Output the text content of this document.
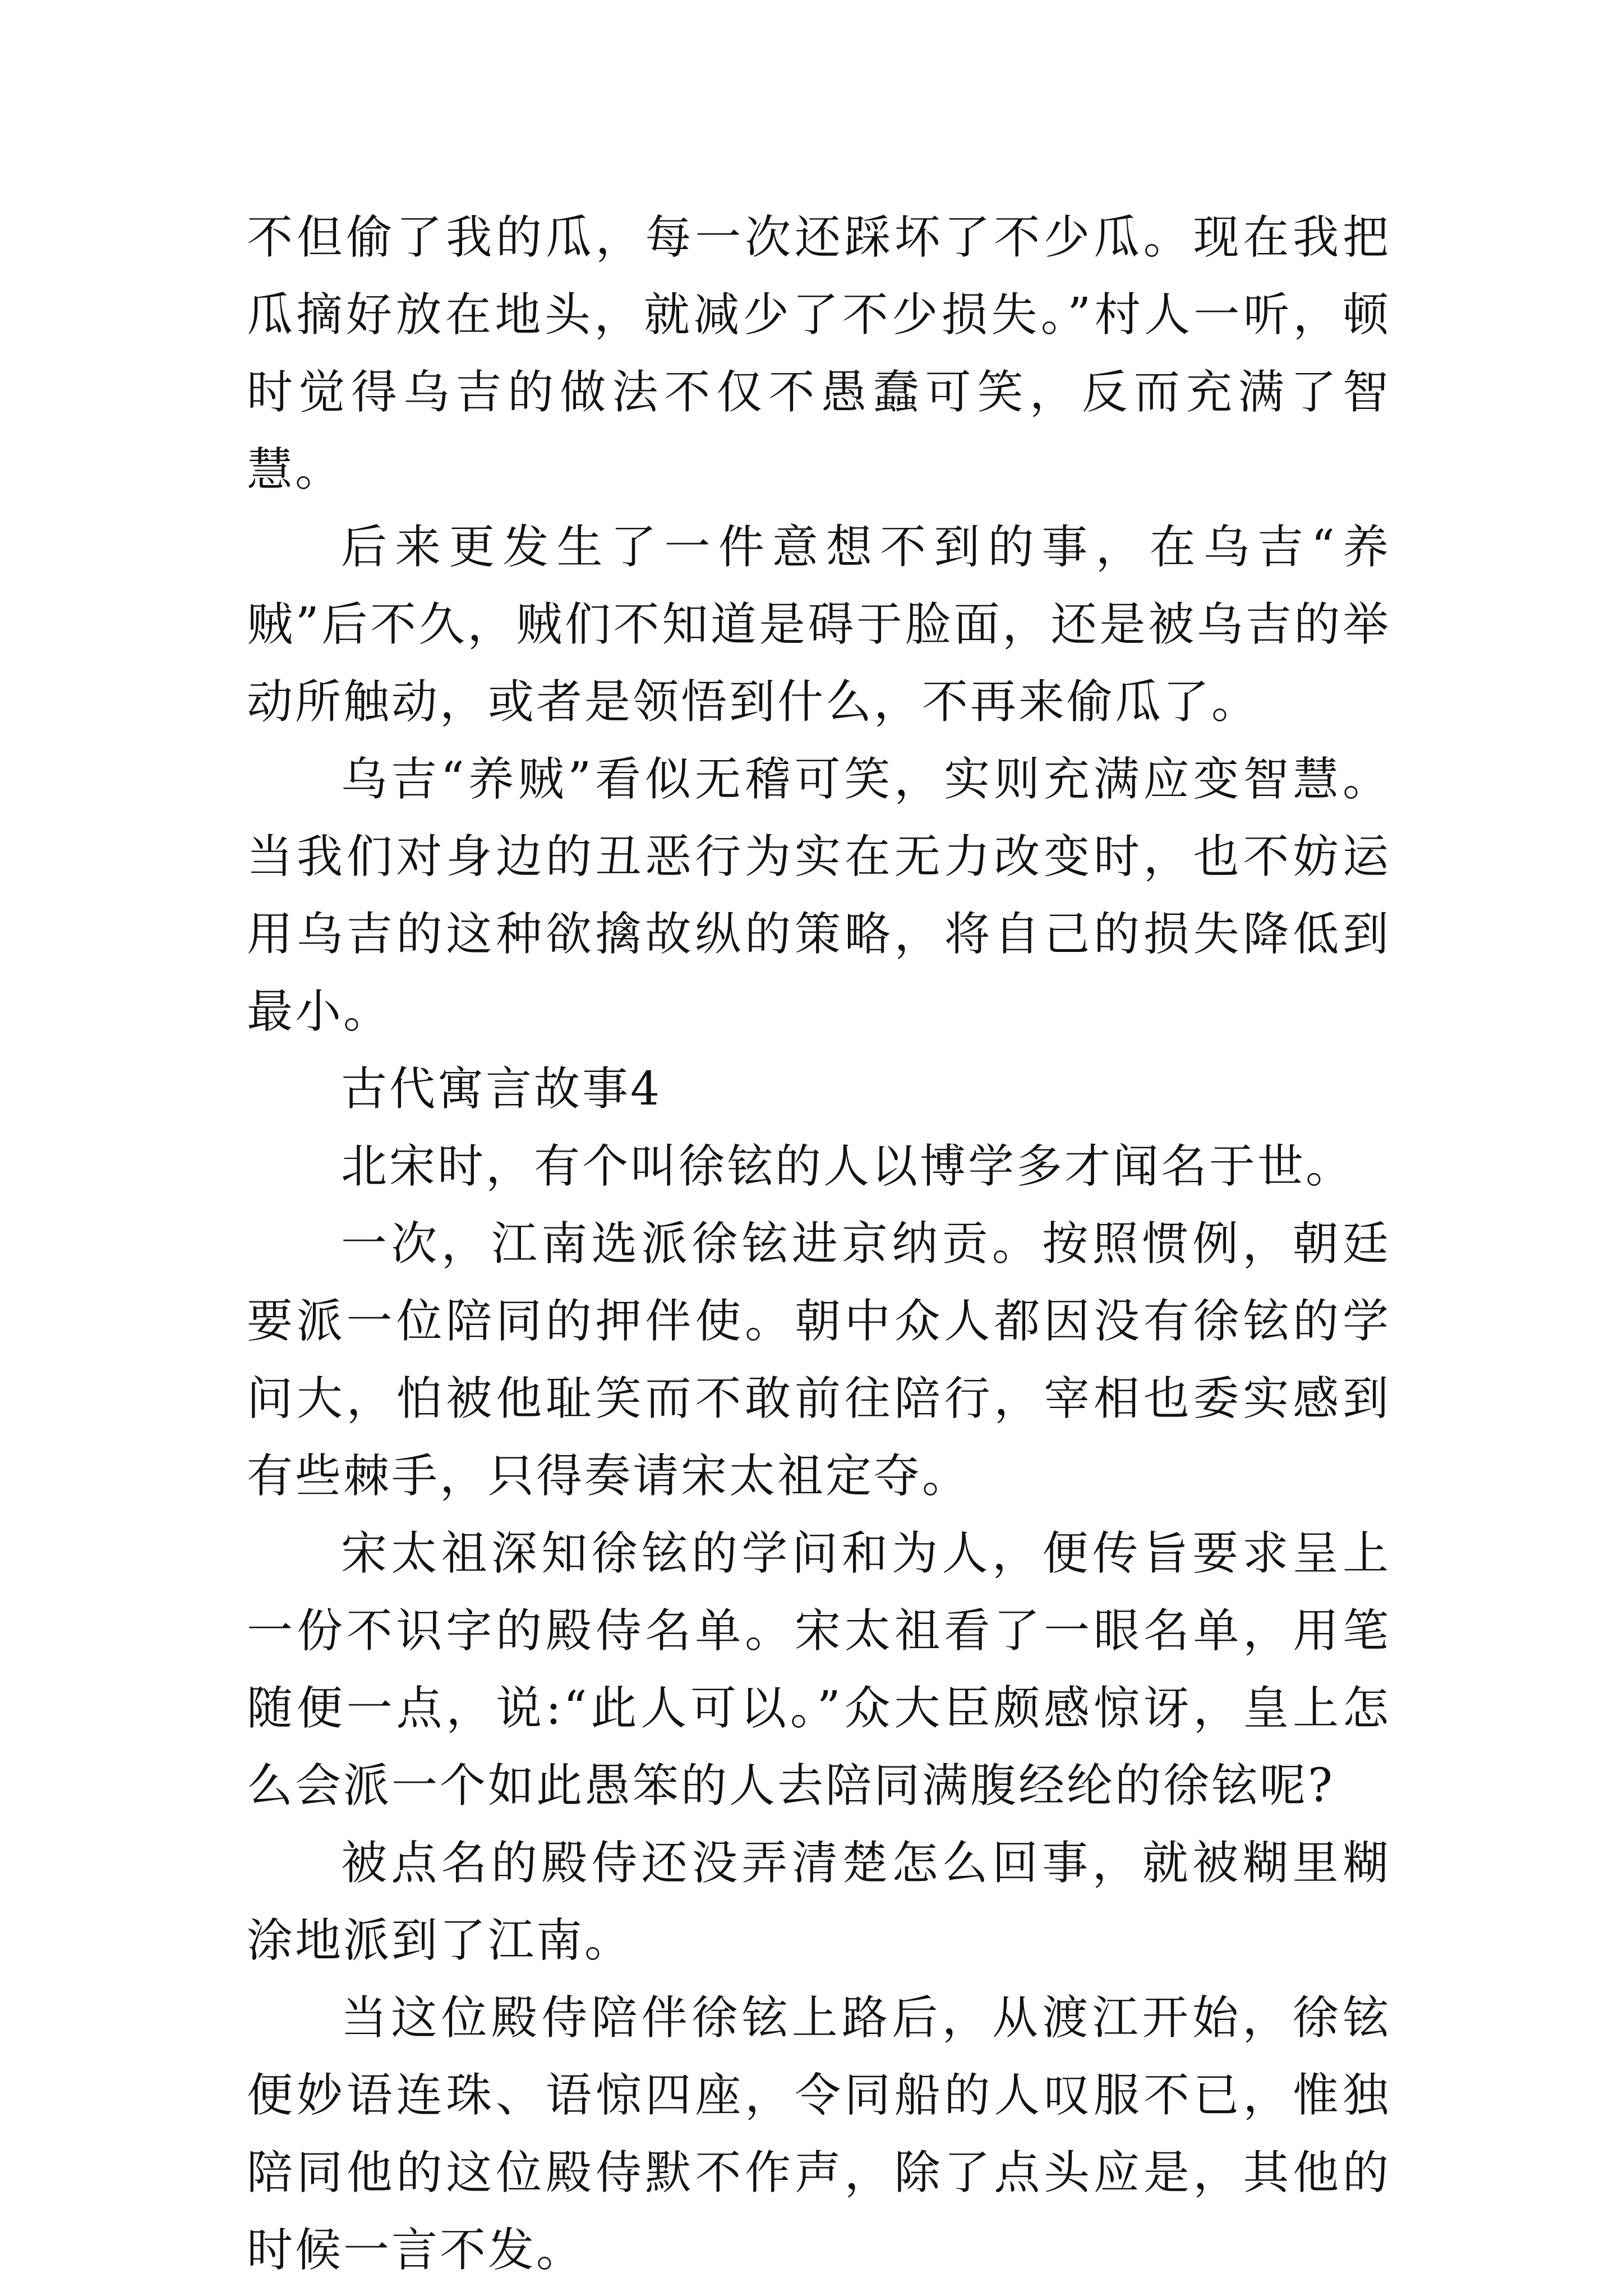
不但偷了我的瓜，每一次还踩坏了不少瓜。现在我把瓜摘好放在地头，就减少了不少损失。”村人一听，顿时觉得乌吉的做法不仅不愚蠢可笑，反而充满了智慧。

后来更发生了一件意想不到的事，在乌吉“养贼”后不久，贼们不知道是碍于脸面，还是被乌吉的举动所触动，或者是领悟到什么，不再来偷瓜了。

乌吉“养贼”看似无稽可笑，实则充满应变智慧。当我们对身边的丑恶行为实在无力改变时，也不妨运用乌吉的这种欲擒故纵的策略，将自己的损失降低到最小。

古代寓言故事4

北宋时，有个叫徐铉的人以博学多才闻名于世。

一次，江南选派徐铉进京纳贡。按照惯例，朝廷要派一位陪同的押伴使。朝中众人都因没有徐铉的学问大，怕被他耻笑而不敢前往陪行，宰相也委实感到有些棘手，只得奏请宋太祖定夺。

宋太祖深知徐铉的学问和为人，便传旨要求呈上一份不识字的殿侍名单。宋太祖看了一眼名单，用笔随便一点，说:“此人可以。”众大臣颇感惊讶，皇上怎么会派一个如此愚笨的人去陪同满腹经纶的徐铉呢?

被点名的殿侍还没弄清楚怎么回事，就被糊里糊涂地派到了江南。

当这位殿侍陪伴徐铉上路后，从渡江开始，徐铉便妙语连珠、语惊四座，令同船的人叹服不已，惟独陪同他的这位殿侍默不作声，除了点头应是，其他的时候一言不发。
